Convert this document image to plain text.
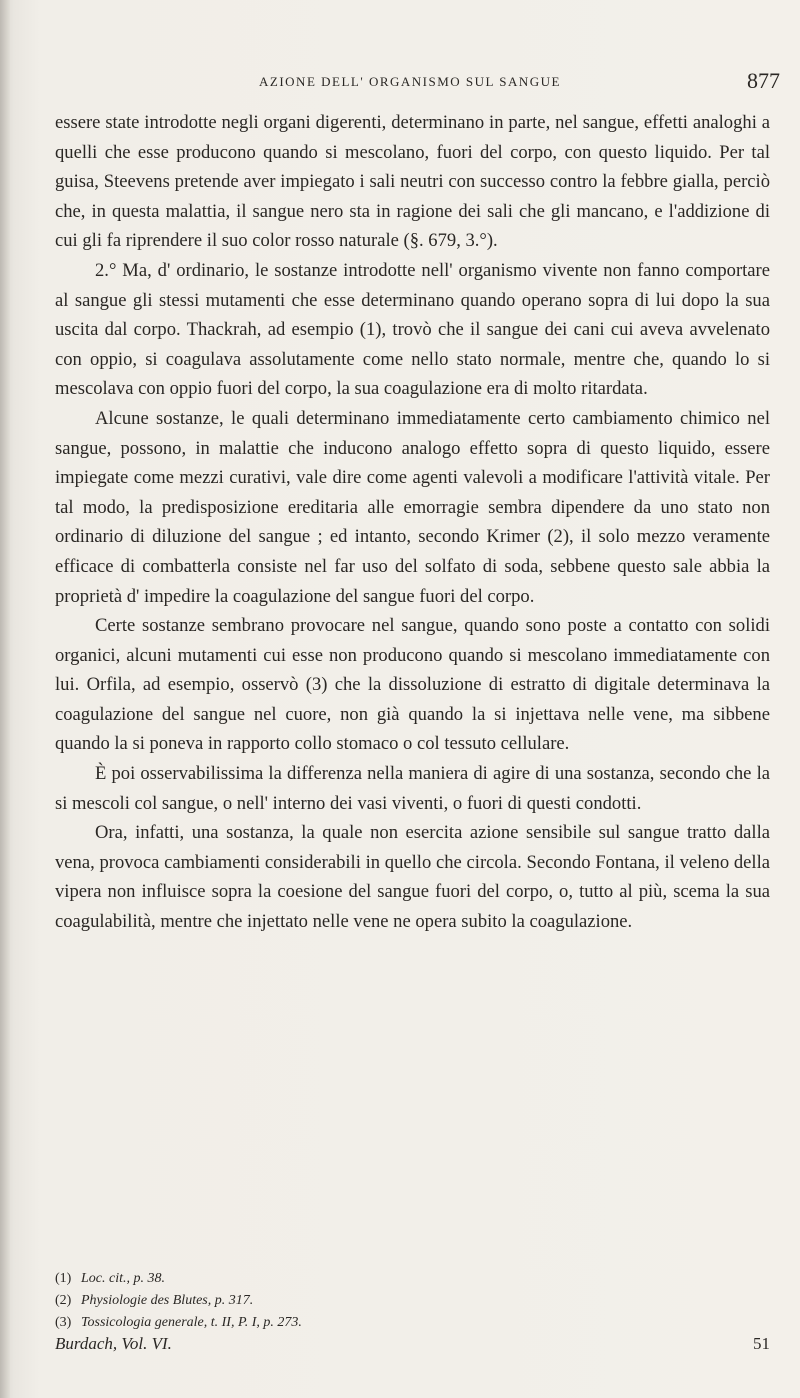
AZIONE DELL' ORGANISMO SUL SANGUE	877

essere state introdotte negli organi digerenti, determinano in parte, nel sangue, effetti analoghi a quelli che esse producono quando si mescolano, fuori del corpo, con questo liquido. Per tal guisa, Steevens pretende aver impiegato i sali neutri con successo contro la febbre gialla, perciò che, in questa malattia, il sangue nero sta in ragione dei sali che gli mancano, e l'addizione di cui gli fa riprendere il suo color rosso naturale (§. 679, 3.°).

2.° Ma, d' ordinario, le sostanze introdotte nell' organismo vivente non fanno comportare al sangue gli stessi mutamenti che esse determinano quando operano sopra di lui dopo la sua uscita dal corpo. Thackrah, ad esempio (1), trovò che il sangue dei cani cui aveva avvelenato con oppio, si coagulava assolutamente come nello stato normale, mentre che, quando lo si mescolava con oppio fuori del corpo, la sua coagulazione era di molto ritardata.

Alcune sostanze, le quali determinano immediatamente certo cambiamento chimico nel sangue, possono, in malattie che inducono analogo effetto sopra di questo liquido, essere impiegate come mezzi curativi, vale dire come agenti valevoli a modificare l'attività vitale. Per tal modo, la predisposizione ereditaria alle emorragie sembra dipendere da uno stato non ordinario di diluzione del sangue ; ed intanto, secondo Krimer (2), il solo mezzo veramente efficace di combatterla consiste nel far uso del solfato di soda, sebbene questo sale abbia la proprietà d' impedire la coagulazione del sangue fuori del corpo.

Certe sostanze sembrano provocare nel sangue, quando sono poste a contatto con solidi organici, alcuni mutamenti cui esse non producono quando si mescolano immediatamente con lui. Orfila, ad esempio, osservò (3) che la dissoluzione di estratto di digitale determinava la coagulazione del sangue nel cuore, non già quando la si injettava nelle vene, ma sibbene quando la si poneva in rapporto collo stomaco o col tessuto cellulare.

È poi osservabilissima la differenza nella maniera di agire di una sostanza, secondo che la si mescoli col sangue, o nell' interno dei vasi viventi, o fuori di questi condotti.

Ora, infatti, una sostanza, la quale non esercita azione sensibile sul sangue tratto dalla vena, provoca cambiamenti considerabili in quello che circola. Secondo Fontana, il veleno della vipera non influisce sopra la coesione del sangue fuori del corpo, o, tutto al più, scema la sua coagulabilità, mentre che injettato nelle vene ne opera subito la coagulazione.

(1) Loc. cit., p. 38.
(2) Physiologie des Blutes, p. 317.
(3) Tossicologia generale, t. II, P. I, p. 273.
Burdach, Vol. VI.	51
